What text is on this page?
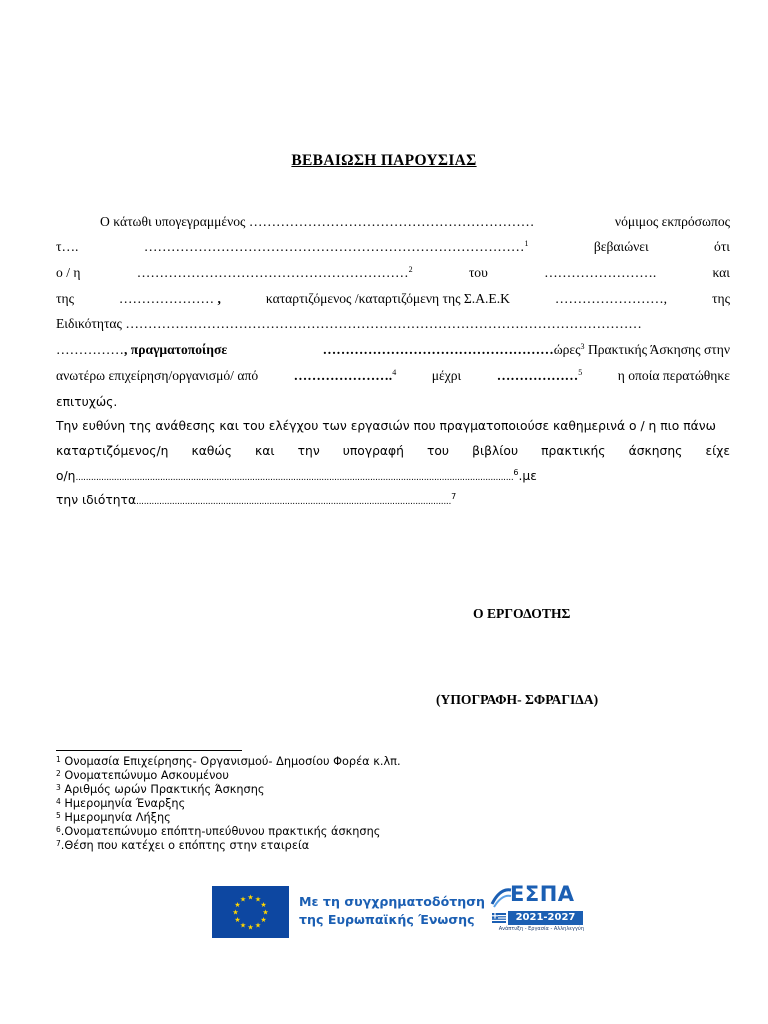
ΒΕΒΑΙΩΣΗ ΠΑΡΟΥΣΙΑΣ
Ο κάτωθι υπογεγραμμένος ………………………………………………………	νόμιμος εκπρόσωπος
τ….	…………………………………………………………………………$^1$	βεβαιώνει	ότι
ο / η	……………………………………………………$^2$	του	…………………….	και
της	………………… ,	καταρτιζόμενος /καταρτιζόμενη της Σ.Α.Ε.Κ	……………………,	της
Ειδικότητας ……………………………………………………………………………………………………
……………, πραγματοποίησε	……………………………………………ώρες$^3$ Πρακτικής Άσκησης στην
ανωτέρω επιχείρηση/οργανισμό/ από	………………….$^4$	μέχρι	………………$^5$	η οποία περατώθηκε
επιτυχώς.
Την ευθύνη της ανάθεσης και του ελέγχου των εργασιών που πραγματοποιούσε καθημερινά ο / η πιο πάνω
καταρτιζόμενος/η καθώς και την υπογραφή του βιβλίου πρακτικής άσκησης είχε
ο/η...........................................................................................................................................................................$^6$.με
την ιδιότητα...........................................................................................................................$^7$
Ο ΕΡΓΟΔΟΤΗΣ
(ΥΠΟΓΡΑΦΗ- ΣΦΡΑΓΙΔΑ)
$^1$ Ονομασία Επιχείρησης- Οργανισμού- Δημοσίου Φορέα κ.λπ.
$^2$ Ονοματεπώνυμο Ασκουμένου
$^3$ Αριθμός ωρών Πρακτικής Άσκησης
$^4$ Ημερομηνία Έναρξης
$^5$ Ημερομηνία Λήξης
$^6$.Ονοματεπώνυμο επόπτη-υπεύθυνου πρακτικής άσκησης
$^7$.Θέση που κατέχει ο επόπτης στην εταιρεία
★ ★
★
★
★
★
★
★
★
★
★
★	Με τη συγχρηματοδότηση
της Ευρωπαϊκής Ένωσης
ΕΣΠΑ
2021-2027
Ανάπτυξη - Εργασία - Αλληλεγγύη
